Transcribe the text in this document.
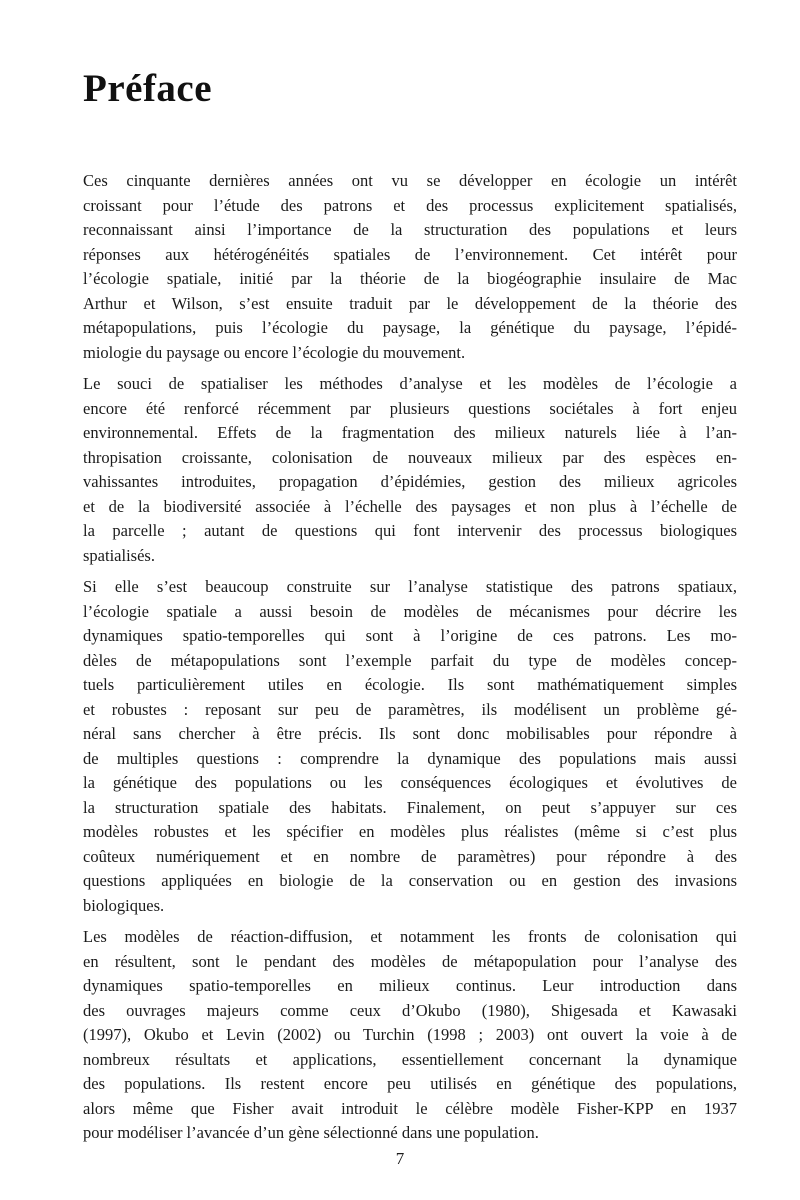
Préface
Ces cinquante dernières années ont vu se développer en écologie un intérêt
croissant pour l’étude des patrons et des processus explicitement spatialisés,
reconnaissant ainsi l’importance de la structuration des populations et leurs
réponses aux hétérogénéités spatiales de l’environnement. Cet intérêt pour
l’écologie spatiale, initié par la théorie de la biogéographie insulaire de Mac
Arthur et Wilson, s’est ensuite traduit par le développement de la théorie des
métapopulations, puis l’écologie du paysage, la génétique du paysage, l’épidé-
miologie du paysage ou encore l’écologie du mouvement.
Le souci de spatialiser les méthodes d’analyse et les modèles de l’écologie a
encore été renforcé récemment par plusieurs questions sociétales à fort enjeu
environnemental. Effets de la fragmentation des milieux naturels liée à l’an-
thropisation croissante, colonisation de nouveaux milieux par des espèces en-
vahissantes introduites, propagation d’épidémies, gestion des milieux agricoles
et de la biodiversité associée à l’échelle des paysages et non plus à l’échelle de
la parcelle ; autant de questions qui font intervenir des processus biologiques
spatialisés.
Si elle s’est beaucoup construite sur l’analyse statistique des patrons spatiaux,
l’écologie spatiale a aussi besoin de modèles de mécanismes pour décrire les
dynamiques spatio-temporelles qui sont à l’origine de ces patrons. Les mo-
dèles de métapopulations sont l’exemple parfait du type de modèles concep-
tuels particulièrement utiles en écologie. Ils sont mathématiquement simples
et robustes : reposant sur peu de paramètres, ils modélisent un problème gé-
néral sans chercher à être précis. Ils sont donc mobilisables pour répondre à
de multiples questions : comprendre la dynamique des populations mais aussi
la génétique des populations ou les conséquences écologiques et évolutives de
la structuration spatiale des habitats. Finalement, on peut s’appuyer sur ces
modèles robustes et les spécifier en modèles plus réalistes (même si c’est plus
coûteux numériquement et en nombre de paramètres) pour répondre à des
questions appliquées en biologie de la conservation ou en gestion des invasions
biologiques.
Les modèles de réaction-diffusion, et notamment les fronts de colonisation qui
en résultent, sont le pendant des modèles de métapopulation pour l’analyse des
dynamiques spatio-temporelles en milieux continus. Leur introduction dans
des ouvrages majeurs comme ceux d’Okubo (1980), Shigesada et Kawasaki
(1997), Okubo et Levin (2002) ou Turchin (1998 ; 2003) ont ouvert la voie à de
nombreux résultats et applications, essentiellement concernant la dynamique
des populations. Ils restent encore peu utilisés en génétique des populations,
alors même que Fisher avait introduit le célèbre modèle Fisher-KPP en 1937
pour modéliser l’avancée d’un gène sélectionné dans une population.
7
